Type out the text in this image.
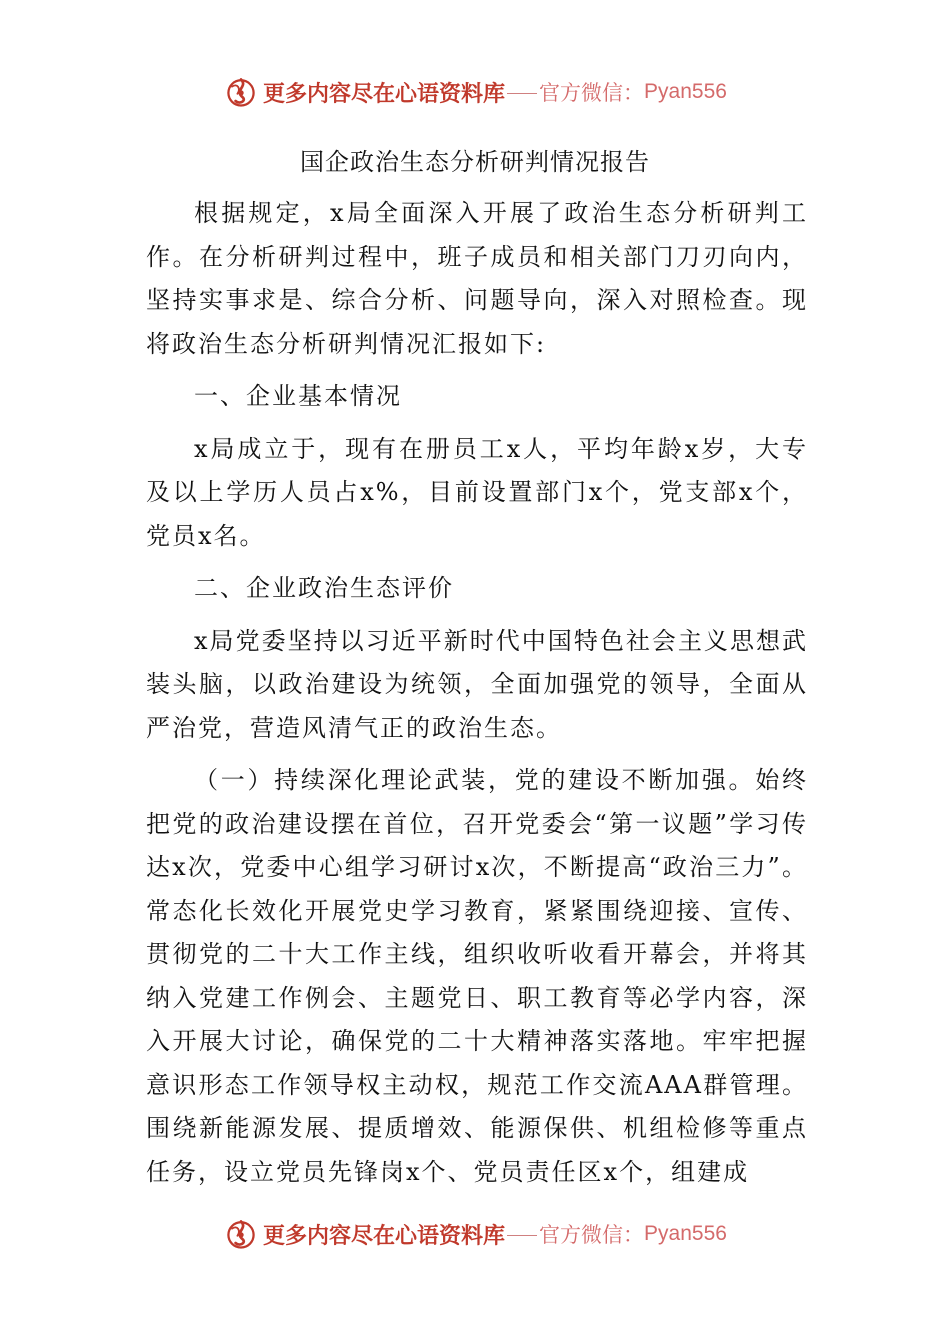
更多内容尽在心语资料库 官方微信： Pyan556
国企政治生态分析研判情况报告

根据规定，x局全面深入开展了政治生态分析研判工作。在分析研判过程中，班子成员和相关部门刀刃向内，坚持实事求是、综合分析、问题导向，深入对照检查。现将政治生态分析研判情况汇报如下:

一、企业基本情况

x局成立于，现有在册员工x人，平均年龄x岁，大专及以上学历人员占x%，目前设置部门x个，党支部x个，党员x名。

二、企业政治生态评价

x局党委坚持以习近平新时代中国特色社会主义思想武装头脑，以政治建设为统领，全面加强党的领导，全面从严治党，营造风清气正的政治生态。

（一）持续深化理论武装，党的建设不断加强。始终把党的政治建设摆在首位，召开党委会“第一议题”学习传达x次，党委中心组学习研讨x次，不断提高“政治三力”。常态化长效化开展党史学习教育，紧紧围绕迎接、宣传、贯彻党的二十大工作主线，组织收听收看开幕会，并将其纳入党建工作例会、主题党日、职工教育等必学内容，深入开展大讨论，确保党的二十大精神落实落地。牢牢把握意识形态工作领导权主动权，规范工作交流AAA群管理。围绕新能源发展、提质增效、能源保供、机组检修等重点任务，设立党员先锋岗x个、党员责任区x个，组建成

更多内容尽在心语资料库 官方微信： Pyan556
